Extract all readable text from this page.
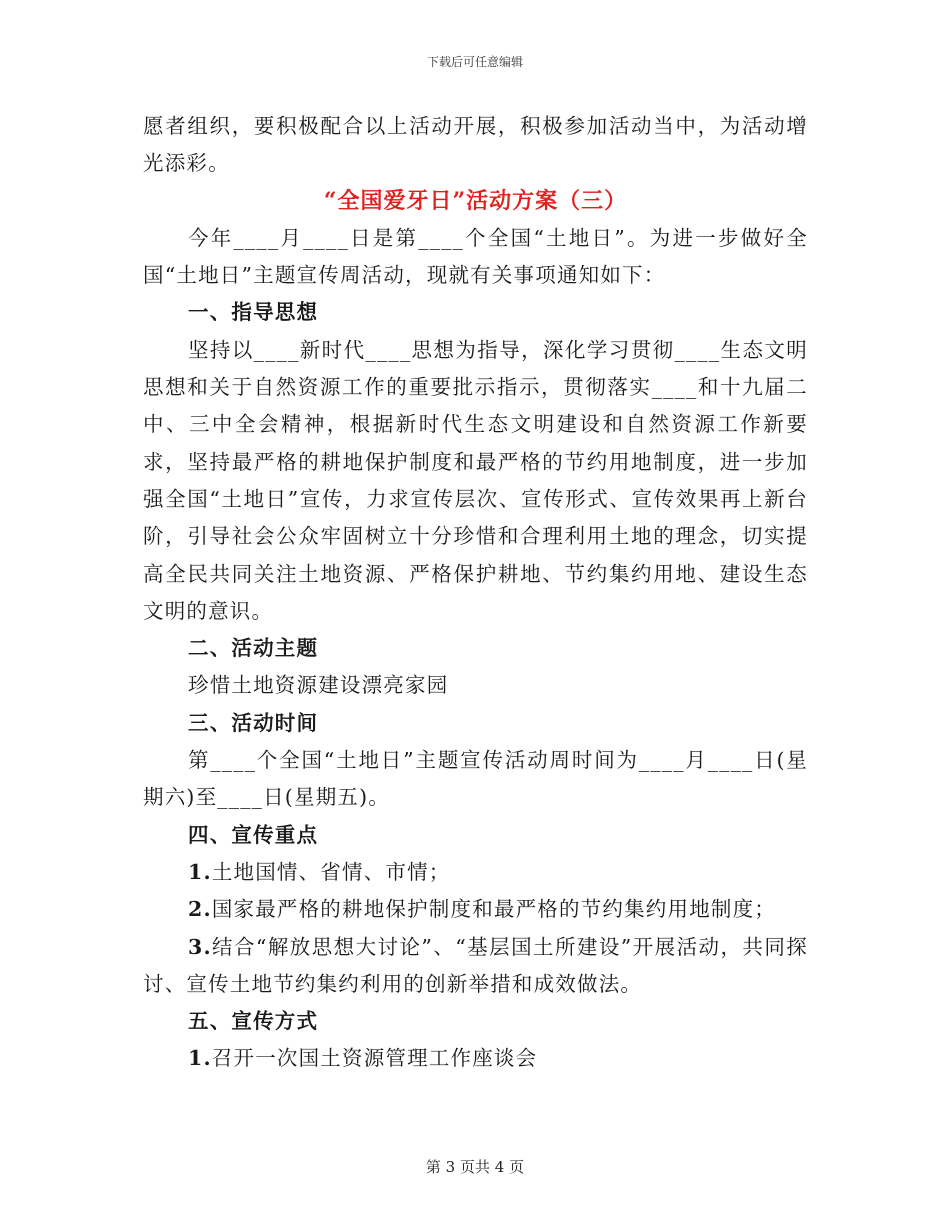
下载后可任意编辑

愿者组织，要积极配合以上活动开展，积极参加活动当中，为活动增光添彩。

“全国爱牙日”活动方案（三）

今年____月____日是第____个全国“土地日”。为进一步做好全国“土地日”主题宣传周活动，现就有关事项通知如下：

一、指导思想

坚持以____新时代____思想为指导，深化学习贯彻____生态文明思想和关于自然资源工作的重要批示指示，贯彻落实____和十九届二中、三中全会精神，根据新时代生态文明建设和自然资源工作新要求，坚持最严格的耕地保护制度和最严格的节约用地制度，进一步加强全国“土地日”宣传，力求宣传层次、宣传形式、宣传效果再上新台阶，引导社会公众牢固树立十分珍惜和合理利用土地的理念，切实提高全民共同关注土地资源、严格保护耕地、节约集约用地、建设生态文明的意识。

二、活动主题

珍惜土地资源建设漂亮家园

三、活动时间

第____个全国“土地日”主题宣传活动周时间为____月____日(星期六)至____日(星期五)。

四、宣传重点

1.土地国情、省情、市情；

2.国家最严格的耕地保护制度和最严格的节约集约用地制度；

3.结合“解放思想大讨论”、“基层国土所建设”开展活动，共同探讨、宣传土地节约集约利用的创新举措和成效做法。

五、宣传方式

1.召开一次国土资源管理工作座谈会

第 3 页共 4 页
